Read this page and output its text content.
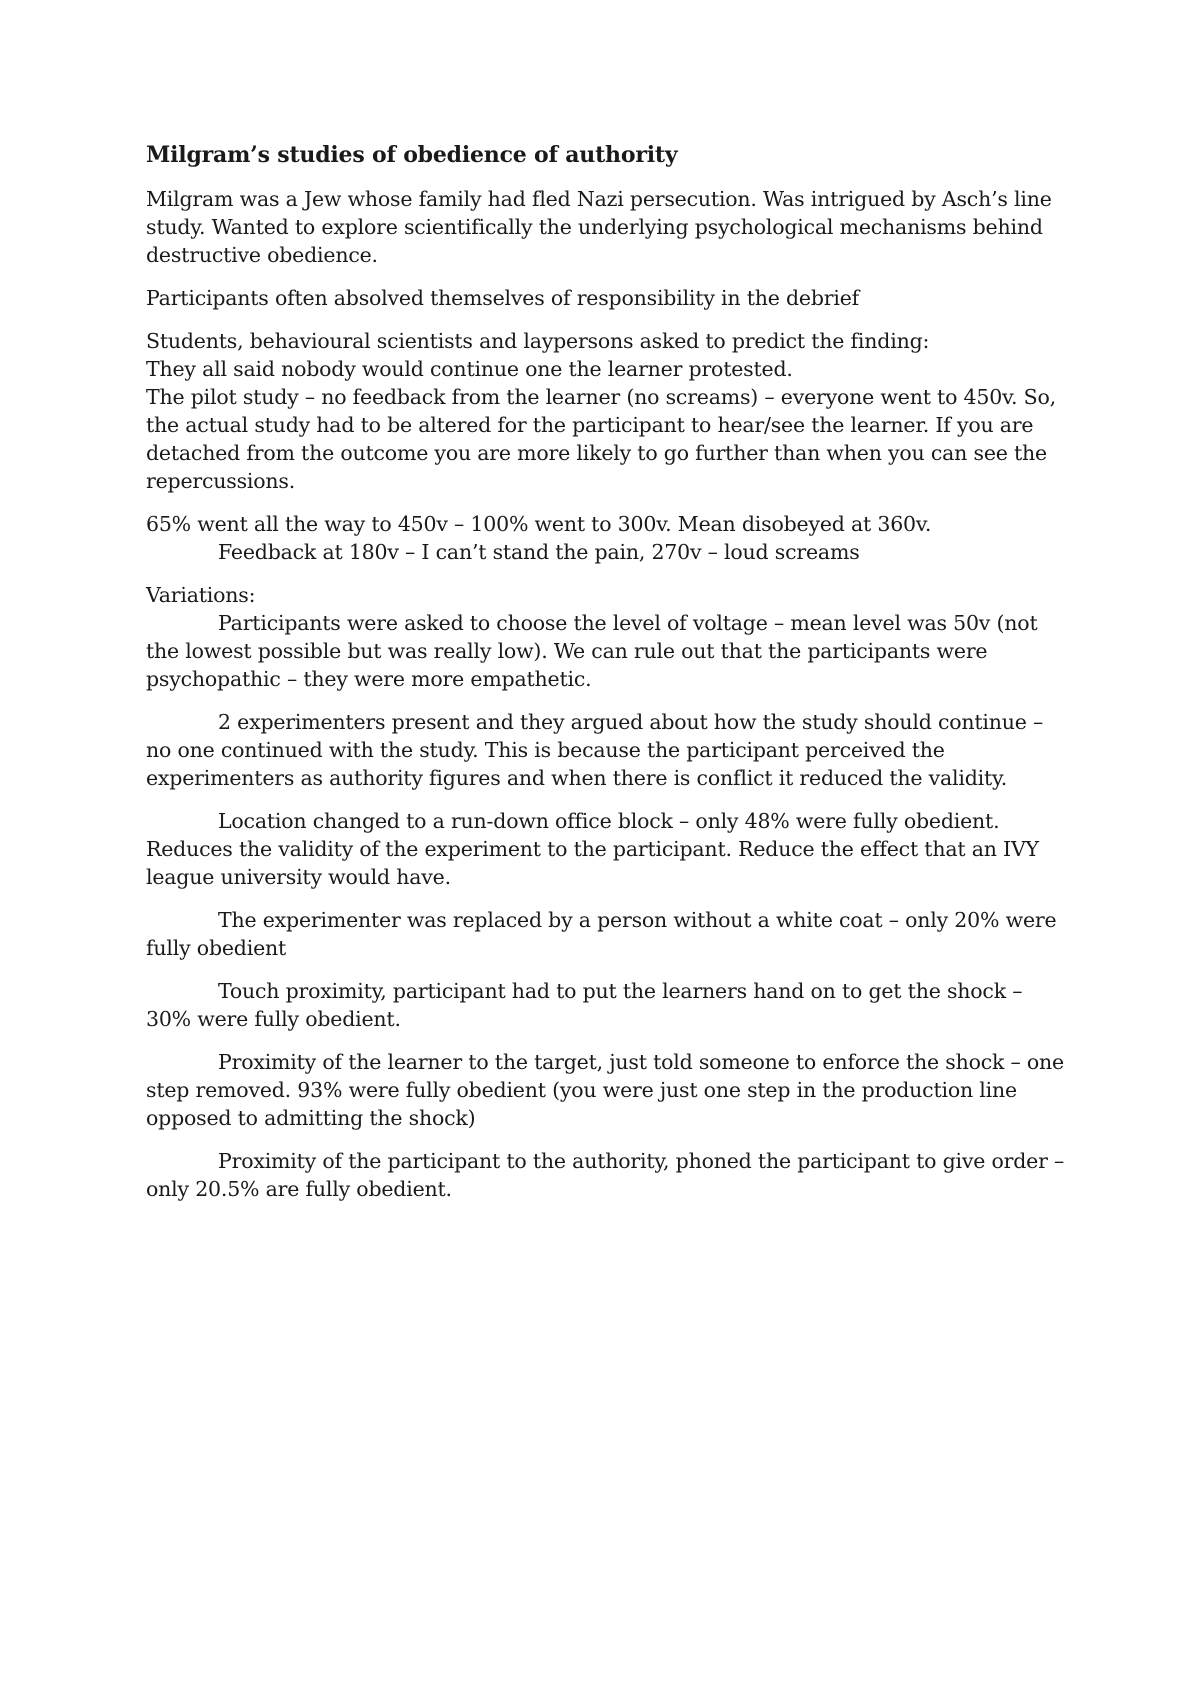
Milgram’s studies of obedience of authority

Milgram was a Jew whose family had fled Nazi persecution. Was intrigued by Asch’s line study. Wanted to explore scientifically the underlying psychological mechanisms behind destructive obedience.

Participants often absolved themselves of responsibility in the debrief

Students, behavioural scientists and laypersons asked to predict the finding:

They all said nobody would continue one the learner protested.

The pilot study – no feedback from the learner (no screams) – everyone went to 450v. So, the actual study had to be altered for the participant to hear/see the learner. If you are detached from the outcome you are more likely to go further than when you can see the repercussions.

65% went all the way to 450v – 100% went to 300v. Mean disobeyed at 360v.

Feedback at 180v – I can’t stand the pain, 270v – loud screams

Variations:

Participants were asked to choose the level of voltage – mean level was 50v (not the lowest possible but was really low). We can rule out that the participants were psychopathic – they were more empathetic.

2 experimenters present and they argued about how the study should continue – no one continued with the study. This is because the participant perceived the experimenters as authority figures and when there is conflict it reduced the validity.

Location changed to a run-down office block – only 48% were fully obedient. Reduces the validity of the experiment to the participant. Reduce the effect that an IVY league university would have.

The experimenter was replaced by a person without a white coat – only 20% were fully obedient

Touch proximity, participant had to put the learners hand on to get the shock – 30% were fully obedient.

Proximity of the learner to the target, just told someone to enforce the shock – one step removed. 93% were fully obedient (you were just one step in the production line opposed to admitting the shock)

Proximity of the participant to the authority, phoned the participant to give order – only 20.5% are fully obedient.
